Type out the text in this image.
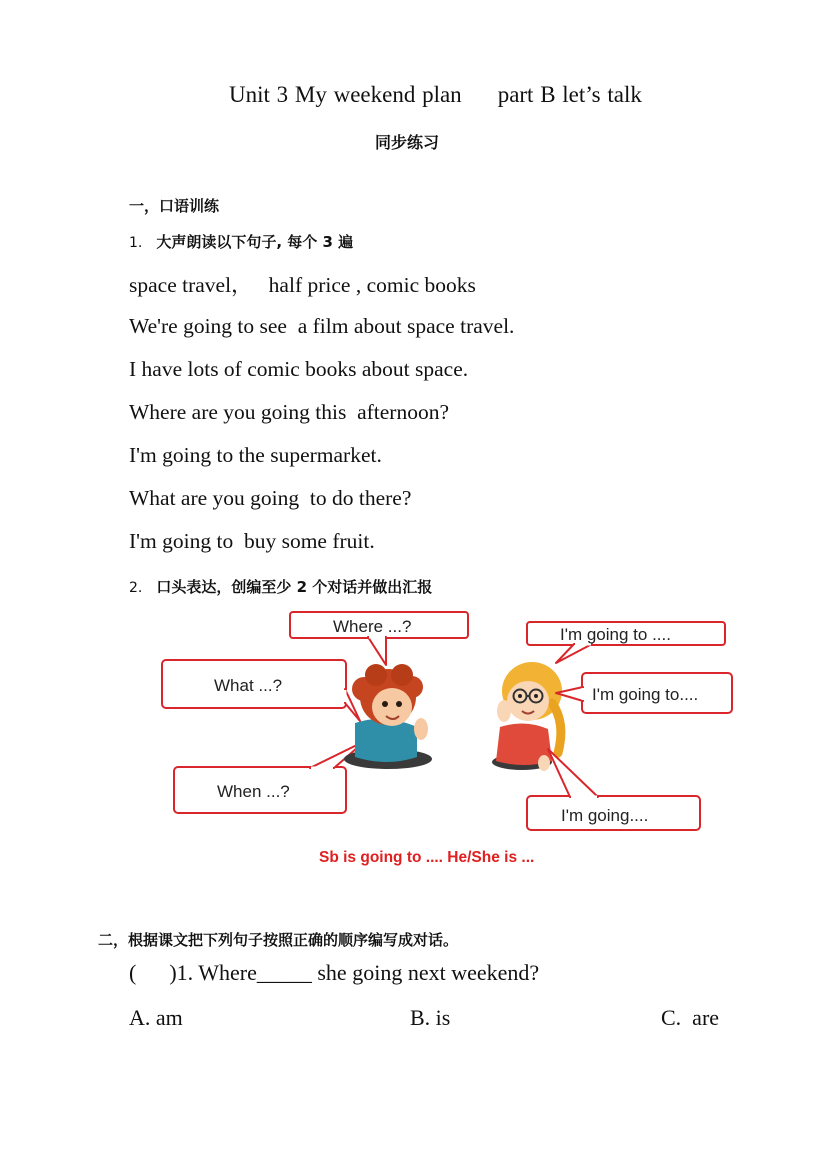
Unit 3 My weekend plan part B let’s talk
同步练习
一，口语训练
1. 大声朗读以下句子, 每个 3 遍
space travel，   half price , comic books
We're going to see  a film about space travel.
I have lots of comic books about space.
Where are you going this  afternoon?
I'm going to the supermarket.
What are you going  to do there?
I'm going to  buy some fruit.
2. 口头表达，创编至少 2 个对话并做出汇报
Where ...?
What ...?
When ...?
I'm going to ....
I'm going to....
I'm going....
Sb is going to .... He/She is ...
二，根据课文把下列句子按照正确的顺序编写成对话。
(      )1. Where_____ she going next weekend?
A. am	B. is	C.  are
